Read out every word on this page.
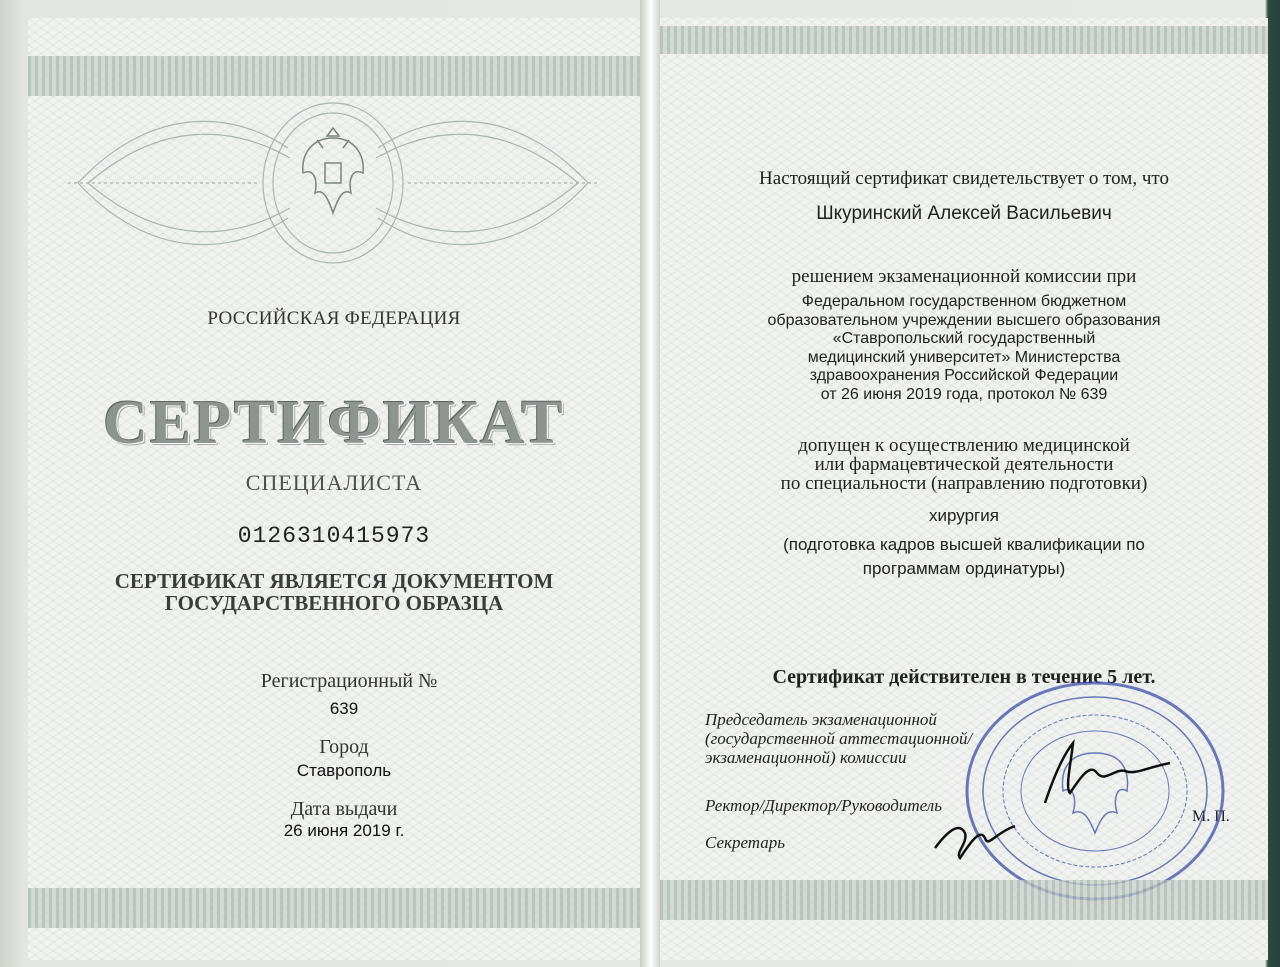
РОССИЙСКАЯ ФЕДЕРАЦИЯ
СЕРТИФИКАТ
СПЕЦИАЛИСТА
0126310415973
СЕРТИФИКАТ ЯВЛЯЕТСЯ ДОКУМЕНТОМ
ГОСУДАРСТВЕННОГО ОБРАЗЦА
Регистрационный №
639
Город
Ставрополь
Дата выдачи
26 июня 2019 г.
Настоящий сертификат свидетельствует о том, что
Шкуринский Алексей Васильевич
решением экзаменационной комиссии при
Федеральном государственном бюджетном
образовательном учреждении высшего образования
«Ставропольский государственный
медицинский университет» Министерства
здравоохранения Российской Федерации
от 26 июня 2019 года, протокол № 639
допущен к осуществлению медицинской
или фармацевтической деятельности
по специальности (направлению подготовки)
хирургия
(подготовка кадров высшей квалификации по
программам ординатуры)
Сертификат действителен в течение 5 лет.
Председатель экзаменационной
(государственной аттестационной/
экзаменационной) комиссии
Ректор/Директор/Руководитель
Секретарь
М. П.
